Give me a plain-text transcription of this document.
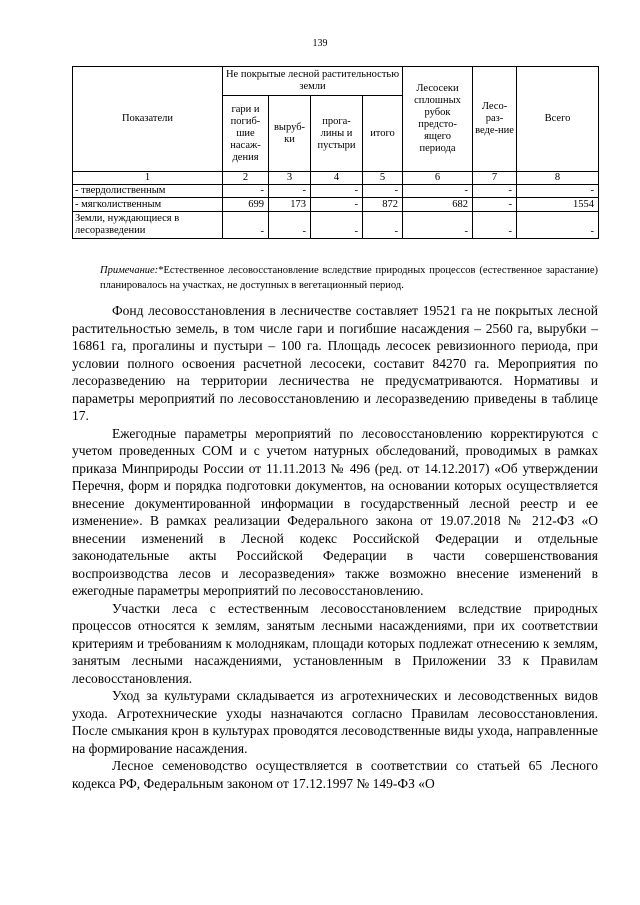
139
Показатели	Не покрытые лесной растительностью земли				Лесосеки сплошных рубок предсто-ящего периода	Лесо-раз-веде-ние	Всего
	гари и погиб-шие насаж-дения	выруб-ки	прога-лины и пустыри	итого			
1	2	3	4	5	6	7	8
- твердолиственным	-	-	-	-	-	-	-
- мягколиственным	699	173	-	872	682	-	1554
Земли, нуждающиеся в лесоразведении	-	-	-	-	-	-	-
Примечание:*Естественное лесовосстановление вследствие природных процессов (естественное зарастание) планировалось на участках, не доступных в вегетационный период.

Фонд лесовосстановления в лесничестве составляет 19521 га не покрытых лесной растительностью земель, в том числе гари и погибшие насаждения – 2560 га, вырубки – 16861 га, прогалины и пустыри – 100 га. Площадь лесосек ревизионного периода, при условии полного освоения расчетной лесосеки, составит 84270 га. Мероприятия по лесоразведению на территории лесничества не предусматриваются. Нормативы и параметры мероприятий по лесовосстановлению и лесоразведению приведены в таблице 17.

Ежегодные параметры мероприятий по лесовосстановлению корректируются с учетом проведенных СОМ и с учетом натурных обследований, проводимых в рамках приказа Минприроды России от 11.11.2013 № 496 (ред. от 14.12.2017) «Об утверждении Перечня, форм и порядка подготовки документов, на основании которых осуществляется внесение документированной информации в государственный лесной реестр и ее изменение». В рамках реализации Федерального закона от 19.07.2018 № 212-ФЗ «О внесении изменений в Лесной кодекс Российской Федерации и отдельные законодательные акты Российской Федерации в части совершенствования воспроизводства лесов и лесоразведения» также возможно внесение изменений в ежегодные параметры мероприятий по лесовосстановлению.

Участки леса с естественным лесовосстановлением вследствие природных процессов относятся к землям, занятым лесными насаждениями, при их соответствии критериям и требованиям к молоднякам, площади которых подлежат отнесению к землям, занятым лесными насаждениями, установленным в Приложении 33 к Правилам лесовосстановления.

Уход за культурами складывается из агротехнических и лесоводственных видов ухода. Агротехнические уходы назначаются согласно Правилам лесовосстановления. После смыкания крон в культурах проводятся лесоводственные виды ухода, направленные на формирование насаждения.

Лесное семеноводство осуществляется в соответствии со статьей 65 Лесного кодекса РФ, Федеральным законом от 17.12.1997 № 149-ФЗ «О
